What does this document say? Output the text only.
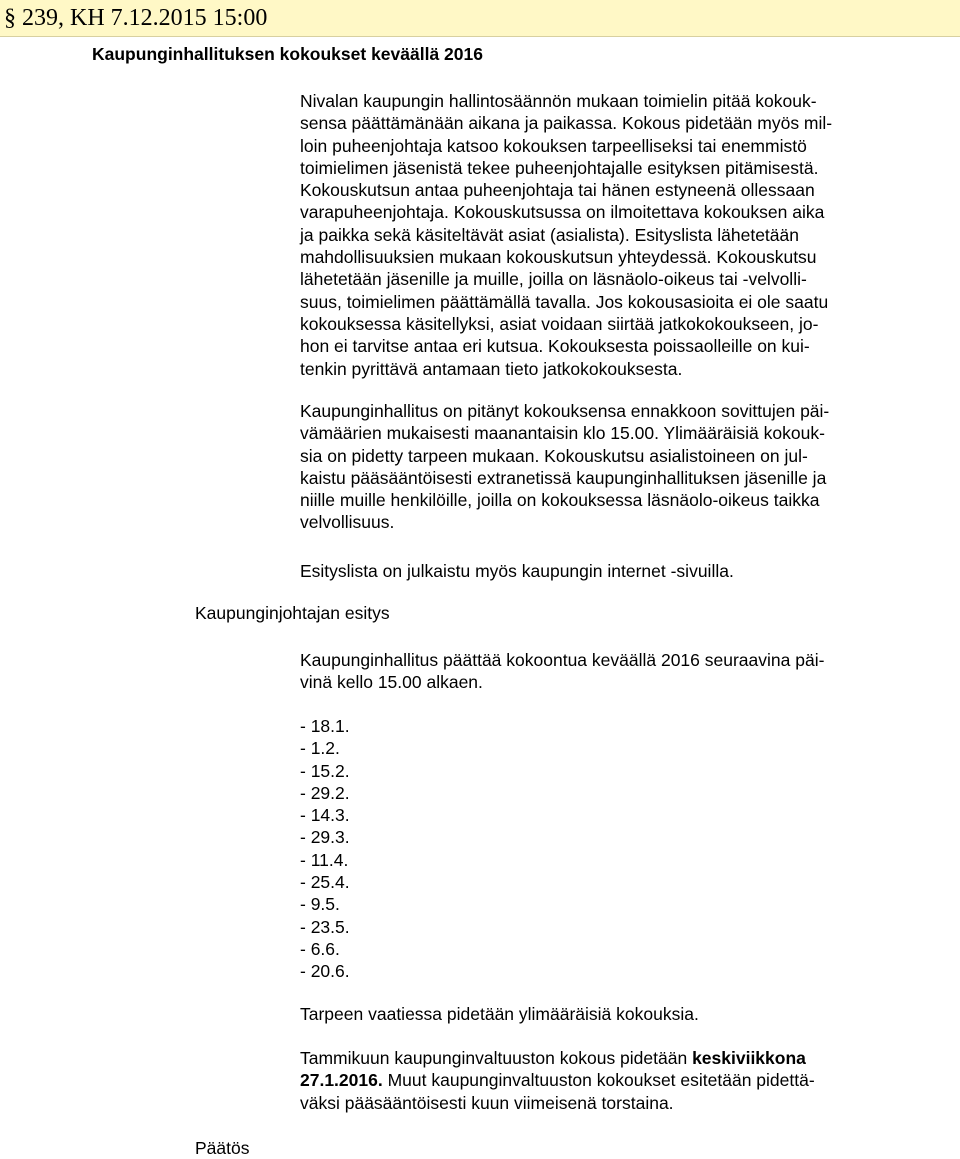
§ 239, KH 7.12.2015 15:00
Kaupunginhallituksen kokoukset keväällä 2016
Nivalan kaupungin hallintosäännön mukaan toimielin pitää kokouk-
sensa päättämänään aikana ja paikassa. Kokous pidetään myös mil-
loin puheenjohtaja katsoo kokouksen tarpeelliseksi tai enemmistö
toimielimen jäsenistä tekee puheenjohtajalle esityksen pitämisestä.
Kokouskutsun antaa puheenjohtaja tai hänen estyneenä ollessaan
varapuheenjohtaja. Kokouskutsussa on ilmoitettava kokouksen aika
ja paikka sekä käsiteltävät asiat (asialista). Esityslista lähetetään
mahdollisuuksien mukaan kokouskutsun yhteydessä. Kokouskutsu
lähetetään jäsenille ja muille, joilla on läsnäolo-oikeus tai -velvolli-
suus, toimielimen päättämällä tavalla. Jos kokousasioita ei ole saatu
kokouksessa käsitellyksi, asiat voidaan siirtää jatkokokoukseen, jo-
hon ei tarvitse antaa eri kutsua. Kokouksesta poissaolleille on kui-
tenkin pyrittävä antamaan tieto jatkokokouksesta.
Kaupunginhallitus on pitänyt kokouksensa ennakkoon sovittujen päi-
vämäärien mukaisesti maanantaisin klo 15.00. Ylimääräisiä kokouk-
sia on pidetty tarpeen mukaan. Kokouskutsu asialistoineen on jul-
kaistu pääsääntöisesti extranetissä kaupunginhallituksen jäsenille ja
niille muille henkilöille, joilla on kokouksessa läsnäolo-oikeus taikka
velvollisuus.
Esityslista on julkaistu myös kaupungin internet -sivuilla.
Kaupunginjohtajan esitys
Kaupunginhallitus päättää kokoontua keväällä 2016 seuraavina päi-
vinä kello 15.00 alkaen.
- 18.1.
- 1.2.
- 15.2.
- 29.2.
- 14.3.
- 29.3.
- 11.4.
- 25.4.
- 9.5.
- 23.5.
- 6.6.
- 20.6.
Tarpeen vaatiessa pidetään ylimääräisiä kokouksia.
Tammikuun kaupunginvaltuuston kokous pidetään keskiviikkona
27.1.2016. Muut kaupunginvaltuuston kokoukset esitetään pidettä-
väksi pääsääntöisesti kuun viimeisenä torstaina.
Päätös
